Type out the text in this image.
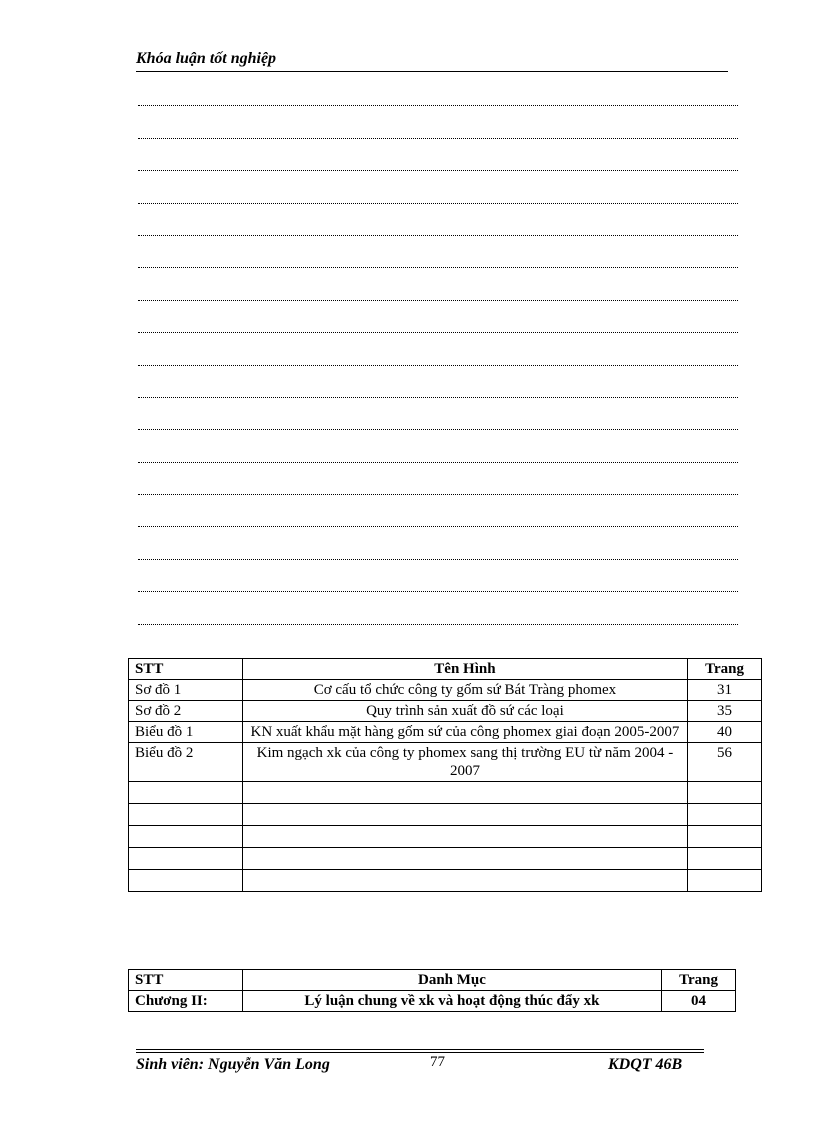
Khóa luận tốt nghiệp
STT	Tên Hình	Trang
Sơ đồ 1	Cơ cấu tổ chức công ty gốm sứ Bát Tràng phomex	31
Sơ đồ 2	Quy trình sản xuất đồ sứ các loại	35
Biểu đồ 1	KN xuất khẩu mặt hàng gốm sứ của công phomex giai đoạn 2005-2007	40
Biểu đồ 2	Kim ngạch xk của công ty phomex sang thị trường EU từ năm 2004 - 2007	56

STT	Danh Mục	Trang
Chương II:	Lý luận chung về xk và hoạt động thúc đẩy xk	04
Sinh viên: Nguyễn Văn Long	77	KDQT 46B
